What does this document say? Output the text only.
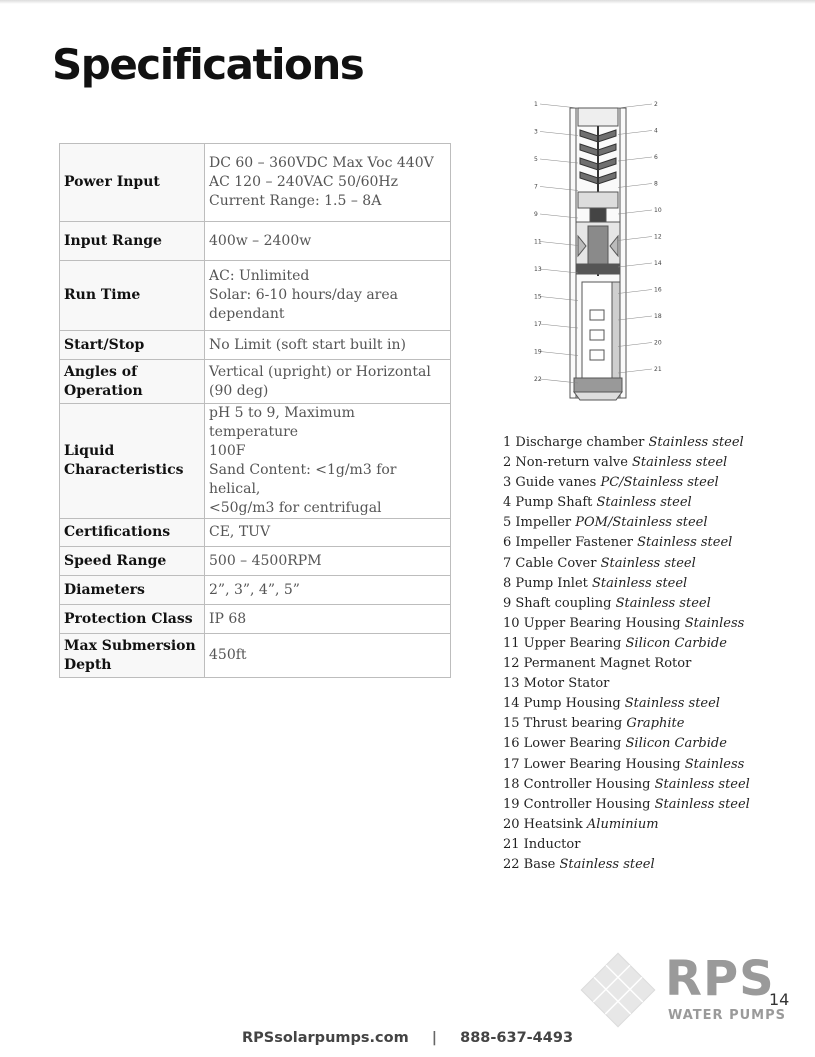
Specifications
Power Input	DC 60 – 360VDC Max Voc 440V
AC 120 – 240VAC 50/60Hz
Current Range: 1.5 – 8A

Input Range	400w – 2400w

Run Time	AC: Unlimited
Solar: 6-10 hours/day area
dependant

Start/Stop	No Limit (soft start built in)

Angles of Operation	Vertical (upright) or Horizontal
(90 deg)

Liquid Characteristics	pH 5 to 9, Maximum temperature
100F
Sand Content: <1g/m3 for helical,
<50g/m3 for centrifugal

Certifications	CE, TUV

Speed Range	500 – 4500RPM

Diameters	2”, 3”, 4”, 5”

Protection Class	IP 68

Max Submersion Depth	450ft
1
3
5
7
9
11
13
15
17
19
22
2
4
6
8
10
12
14
16
18
20
21
1 Discharge chamber Stainless steel
2 Non-return valve Stainless steel
3 Guide vanes PC/Stainless steel
4 Pump Shaft Stainless steel
5 Impeller POM/Stainless steel
6 Impeller Fastener Stainless steel
7 Cable Cover Stainless steel
8 Pump Inlet Stainless steel
9 Shaft coupling Stainless steel
10 Upper Bearing Housing Stainless
11 Upper Bearing Silicon Carbide
12 Permanent Magnet Rotor
13 Motor Stator
14 Pump Housing Stainless steel
15 Thrust bearing Graphite
16 Lower Bearing Silicon Carbide
17 Lower Bearing Housing Stainless
18 Controller Housing Stainless steel
19 Controller Housing Stainless steel
20 Heatsink Aluminium
21 Inductor
22 Base Stainless steel
RPS
WATER PUMPS
14
RPSsolarpumps.com | 888-637-4493
